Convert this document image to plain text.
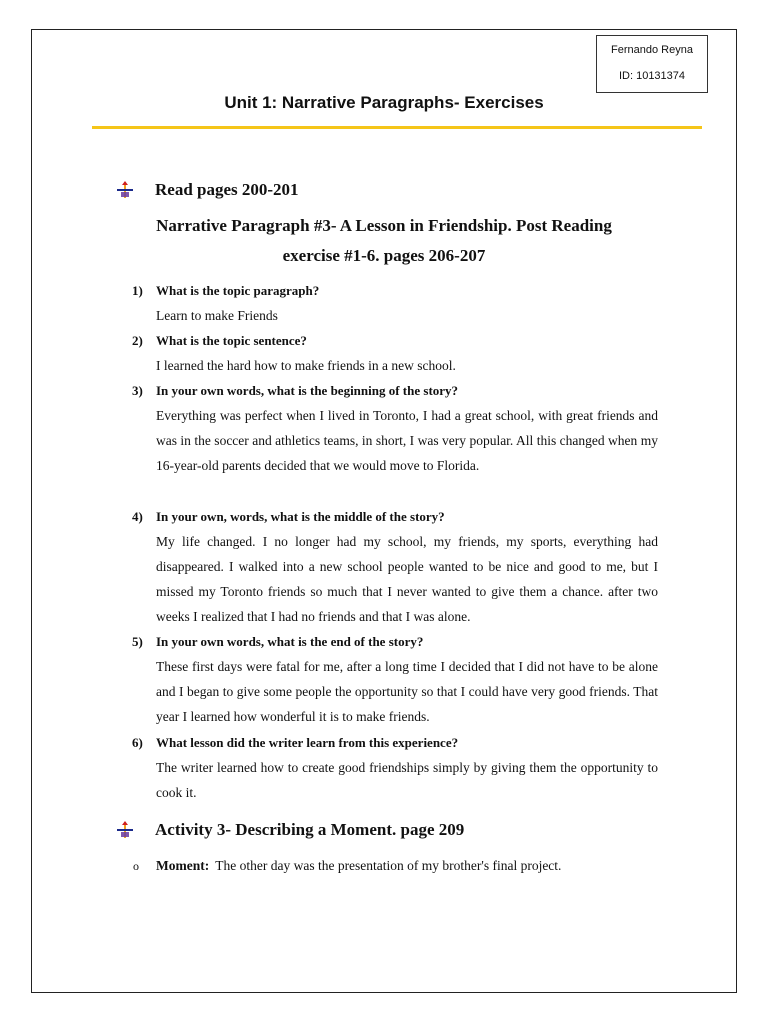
Fernando Reyna
ID: 10131374
Unit 1: Narrative Paragraphs- Exercises
Read pages 200-201
Narrative Paragraph #3- A Lesson in Friendship. Post Reading
exercise #1-6. pages 206-207
1) What is the topic paragraph?
Learn to make Friends
2) What is the topic sentence?
I learned the hard how to make friends in a new school.
3) In your own words, what is the beginning of the story?
Everything was perfect when I lived in Toronto, I had a great school, with great friends and was in the soccer and athletics teams, in short, I was very popular. All this changed when my 16-year-old parents decided that we would move to Florida.
4) In your own, words, what is the middle of the story?
My life changed. I no longer had my school, my friends, my sports, everything had disappeared. I walked into a new school people wanted to be nice and good to me, but I missed my Toronto friends so much that I never wanted to give them a chance. after two weeks I realized that I had no friends and that I was alone.
5) In your own words, what is the end of the story?
These first days were fatal for me, after a long time I decided that I did not have to be alone and I began to give some people the opportunity so that I could have very good friends. That year I learned how wonderful it is to make friends.
6) What lesson did the writer learn from this experience?
The writer learned how to create good friendships simply by giving them the opportunity to cook it.
Activity 3- Describing a Moment. page 209
o Moment: The other day was the presentation of my brother's final project.
